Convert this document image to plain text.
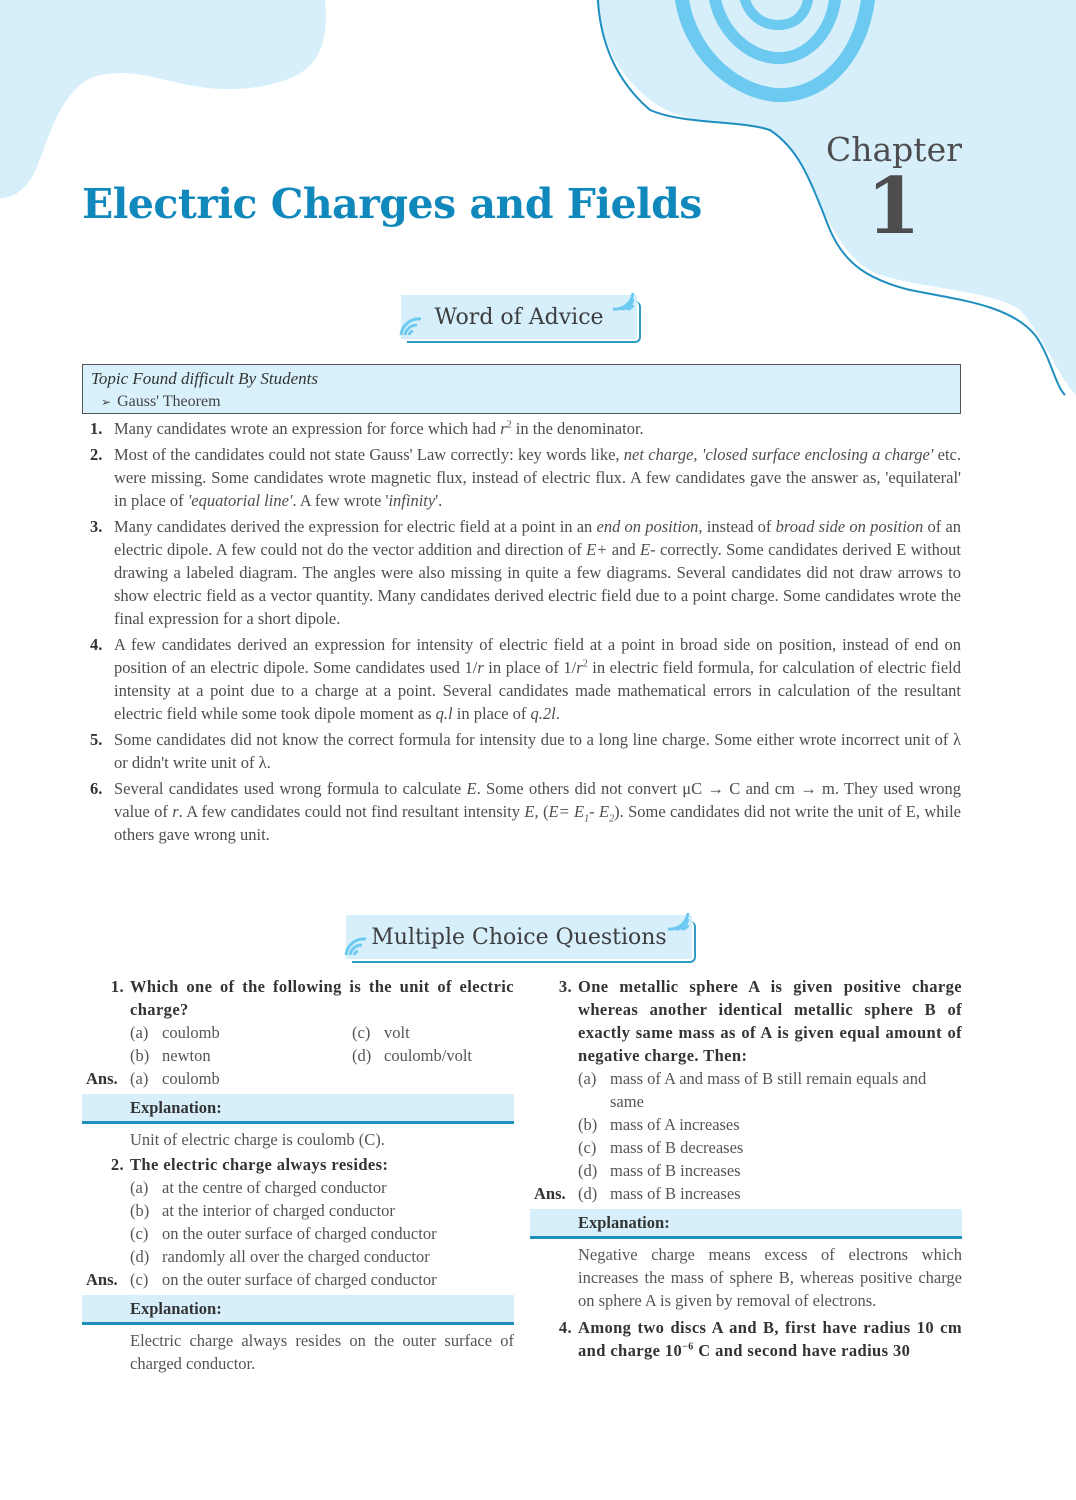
Electric Charges and Fields
Chapter
1
Word of Advice
Topic Found difficult By Students
➢ Gauss' Theorem
1. Many candidates wrote an expression for force which had $r^2$ in the denominator.
2. Most of the candidates could not state Gauss' Law correctly: key words like, net charge, 'closed surface enclosing a charge' etc. were missing. Some candidates wrote magnetic flux, instead of electric flux. A few candidates gave the answer as, 'equilateral' in place of 'equatorial line'. A few wrote 'infinity'.
3. Many candidates derived the expression for electric field at a point in an end on position, instead of broad side on position of an electric dipole. A few could not do the vector addition and direction of E+ and E- correctly. Some candidates derived E without drawing a labeled diagram. The angles were also missing in quite a few diagrams. Several candidates did not draw arrows to show electric field as a vector quantity. Many candidates derived electric field due to a point charge. Some candidates wrote the final expression for a short dipole.
4. A few candidates derived an expression for intensity of electric field at a point in broad side on position, instead of end on position of an electric dipole. Some candidates used 1/r in place of $1/r^2$ in electric field formula, for calculation of electric field intensity at a point due to a charge at a point. Several candidates made mathematical errors in calculation of the resultant electric field while some took dipole moment as q.l in place of q.2l.
5. Some candidates did not know the correct formula for intensity due to a long line charge. Some either wrote incorrect unit of λ or didn't write unit of λ.
6. Several candidates used wrong formula to calculate E. Some others did not convert μC → C and cm → m. They used wrong value of r. A few candidates could not find resultant intensity E, ($E= E_1-$ $E_2$). Some candidates did not write the unit of E, while others gave wrong unit.
Multiple Choice Questions
1. Which one of the following is the unit of electric charge?
(a) coulomb	(c) volt
(b) newton	(d) coulomb/volt
Ans. (a) coulomb
Explanation:
Unit of electric charge is coulomb (C).
2. The electric charge always resides:
(a) at the centre of charged conductor
(b) at the interior of charged conductor
(c) on the outer surface of charged conductor
(d) randomly all over the charged conductor
Ans. (c) on the outer surface of charged conductor
Explanation:
Electric charge always resides on the outer surface of charged conductor.
3. One metallic sphere A is given positive charge whereas another identical metallic sphere B of exactly same mass as of A is given equal amount of negative charge. Then:
(a) mass of A and mass of B still remain equals and same
(b) mass of A increases
(c) mass of B decreases
(d) mass of B increases
Ans. (d) mass of B increases
Explanation:
Negative charge means excess of electrons which increases the mass of sphere B, whereas positive charge on sphere A is given by removal of electrons.
4. Among two discs A and B, first have radius 10 cm and charge $10^{-6}$ C and second have radius 30
